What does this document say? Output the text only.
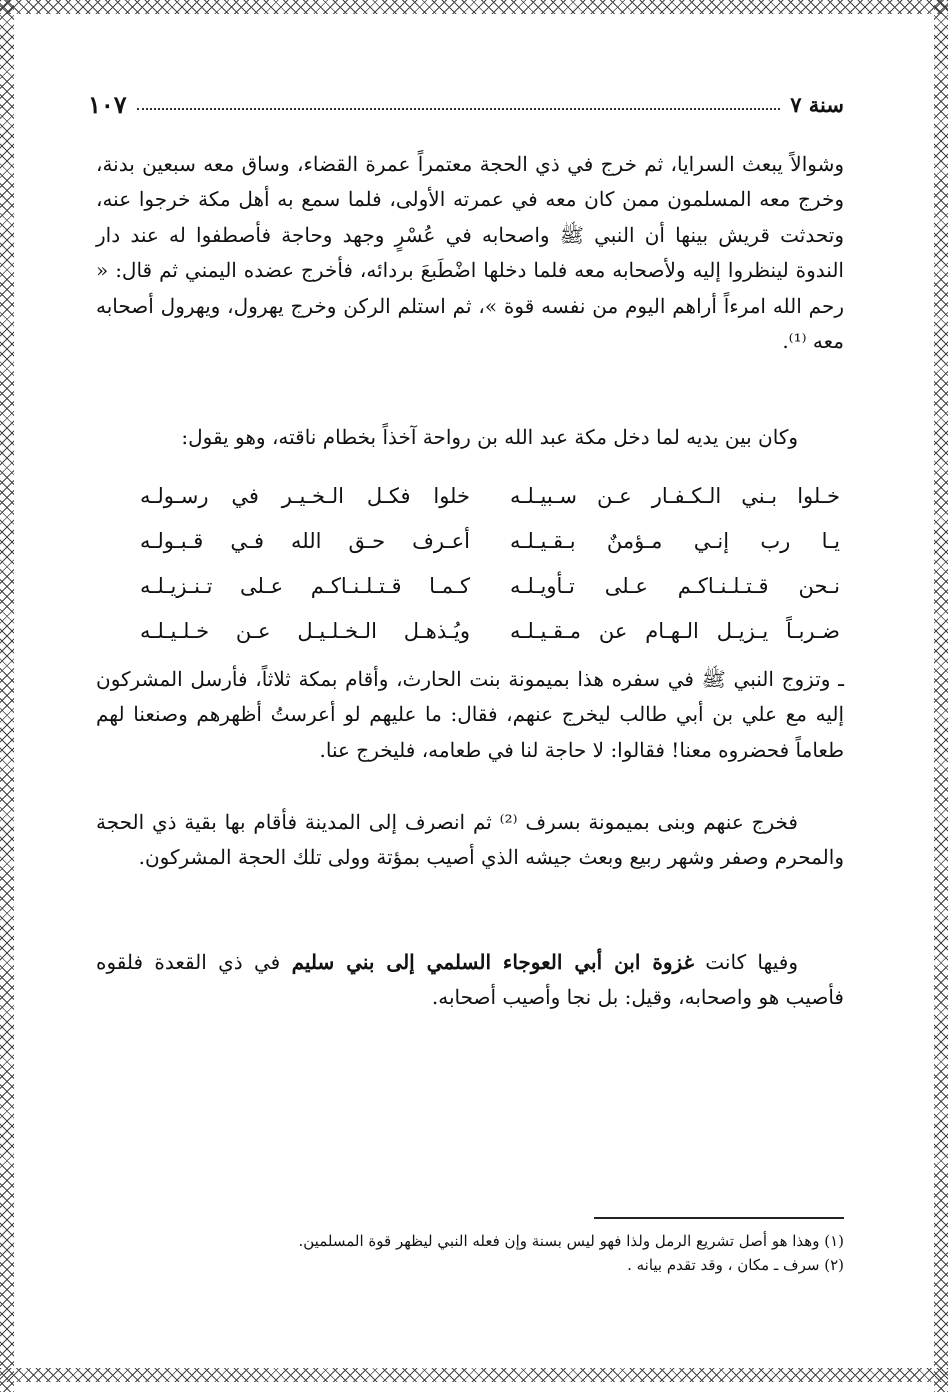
سنة ٧
١٠٧

وشوالاً يبعث السرايا، ثم خرج في ذي الحجة معتمراً عمرة القضاء، وساق معه سبعين بدنة، وخرج معه المسلمون ممن كان معه في عمرته الأولى، فلما سمع به أهل مكة خرجوا عنه، وتحدثت قريش بينها أن النبي ﷺ واصحابه في عُسْرٍ وجهد وحاجة فأصطفوا له عند دار الندوة لينظروا إليه ولأصحابه معه فلما دخلها اضْطَبعَ بردائه، فأخرج عضده اليمني ثم قال: « رحم الله امرءاً أراهم اليوم من نفسه قوة »، ثم استلم الركن وخرج يهرول، ويهرول أصحابه معه ⁽¹⁾.

وكان بين يديه لما دخل مكة عبد الله بن رواحة آخذاً بخطام ناقته، وهو يقول:

خـلوا بـني الـكـفـار عـن سـبيـلـه
خلوا فكـل الـخـيـر في رسـولـه
يـا رب إنـي مـؤمنٌ بـقـيـلـه
أعـرف حـق الله فـي قـبـولـه
نـحن قـتـلـنـاكـم عـلى تـأويـلـه
كـمـا قـتـلـنـاكـم عـلى تـنـزيـلـه
ضـربـاً يـزيـل الـهـام عن مـقـيـلـه
ويُـذهـل الـخـلـيـل عـن خـلـيـلـه

ـ وتزوج النبي ﷺ في سفره هذا بميمونة بنت الحارث، وأقام بمكة ثلاثاً، فأرسل المشركون إليه مع علي بن أبي طالب ليخرج عنهم، فقال: ما عليهم لو أعرستُ أظهرهم وصنعنا لهم طعاماً فحضروه معنا! فقالوا: لا حاجة لنا في طعامه، فليخرج عنا.

فخرج عنهم وبنى بميمونة بسرف ⁽²⁾ ثم انصرف إلى المدينة فأقام بها بقية ذي الحجة والمحرم وصفر وشهر ربيع وبعث جيشه الذي أصيب بمؤتة وولى تلك الحجة المشركون.

وفيها كانت غزوة ابن أبي العوجاء السلمي إلى بني سليم في ذي القعدة فلقوه فأصيب هو واصحابه، وقيل: بل نجا وأصيب أصحابه.

(١) وهذا هو أصل تشريع الرمل ولذا فهو ليس بسنة وإن فعله النبي ليظهر قوة المسلمين.
(٢) سرف ـ مكان ، وقد تقدم بيانه .
